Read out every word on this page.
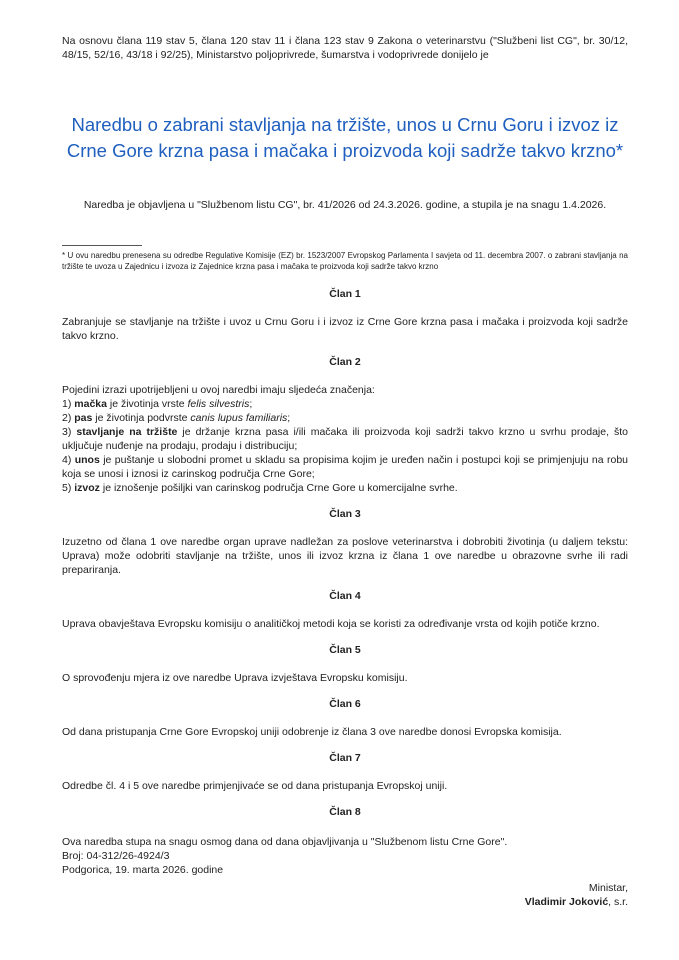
Na osnovu člana 119 stav 5, člana 120 stav 11 i člana 123 stav 9 Zakona o veterinarstvu ("Službeni list CG", br. 30/12, 48/15, 52/16, 43/18 i 92/25), Ministarstvo poljoprivrede, šumarstva i vodoprivrede donijelo je

Naredbu o zabrani stavljanja na tržište, unos u Crnu Goru i izvoz iz Crne Gore krzna pasa i mačaka i proizvoda koji sadrže takvo krzno*

Naredba je objavljena u "Službenom listu CG", br. 41/2026 od 24.3.2026. godine, a stupila je na snagu 1.4.2026.

* U ovu naredbu prenesena su odredbe Regulative Komisije (EZ) br. 1523/2007 Evropskog Parlamenta I savjeta od 11. decembra 2007. o zabrani stavljanja na tržište te uvoza u Zajednicu i izvoza iz Zajednice krzna pasa i mačaka te proizvoda koji sadrže takvo krzno

Član 1

Zabranjuje se stavljanje na tržište i uvoz u Crnu Goru i i izvoz iz Crne Gore krzna pasa i mačaka i proizvoda koji sadrže takvo krzno.

Član 2

Pojedini izrazi upotrijebljeni u ovoj naredbi imaju sljedeća značenja:

1) mačka je životinja vrste felis silvestris;

2) pas je životinja podvrste canis lupus familiaris;

3) stavljanje na tržište je držanje krzna pasa i/ili mačaka ili proizvoda koji sadrži takvo krzno u svrhu prodaje, što uključuje nuđenje na prodaju, prodaju i distribuciju;

4) unos je puštanje u slobodni promet u skladu sa propisima kojim je uređen način i postupci koji se primjenjuju na robu koja se unosi i iznosi iz carinskog područja Crne Gore;

5) izvoz je iznošenje pošiljki van carinskog područja Crne Gore u komercijalne svrhe.

Član 3

Izuzetno od člana 1 ove naredbe organ uprave nadležan za poslove veterinarstva i dobrobiti životinja (u daljem tekstu: Uprava) može odobriti stavljanje na tržište, unos ili izvoz krzna iz člana 1 ove naredbe u obrazovne svrhe ili radi prepariranja.

Član 4

Uprava obavještava Evropsku komisiju o analitičkoj metodi koja se koristi za određivanje vrsta od kojih potiče krzno.

Član 5

O sprovođenju mjera iz ove naredbe Uprava izvještava Evropsku komisiju.

Član 6

Od dana pristupanja Crne Gore Evropskoj uniji odobrenje iz člana 3 ove naredbe donosi Evropska komisija.

Član 7

Odredbe čl. 4 i 5 ove naredbe primjenjivaće se od dana pristupanja Evropskoj uniji.

Član 8

Ova naredba stupa na snagu osmog dana od dana objavljivanja u "Službenom listu Crne Gore".

Broj: 04-312/26-4924/3

Podgorica, 19. marta 2026. godine

Ministar,

Vladimir Joković, s.r.
